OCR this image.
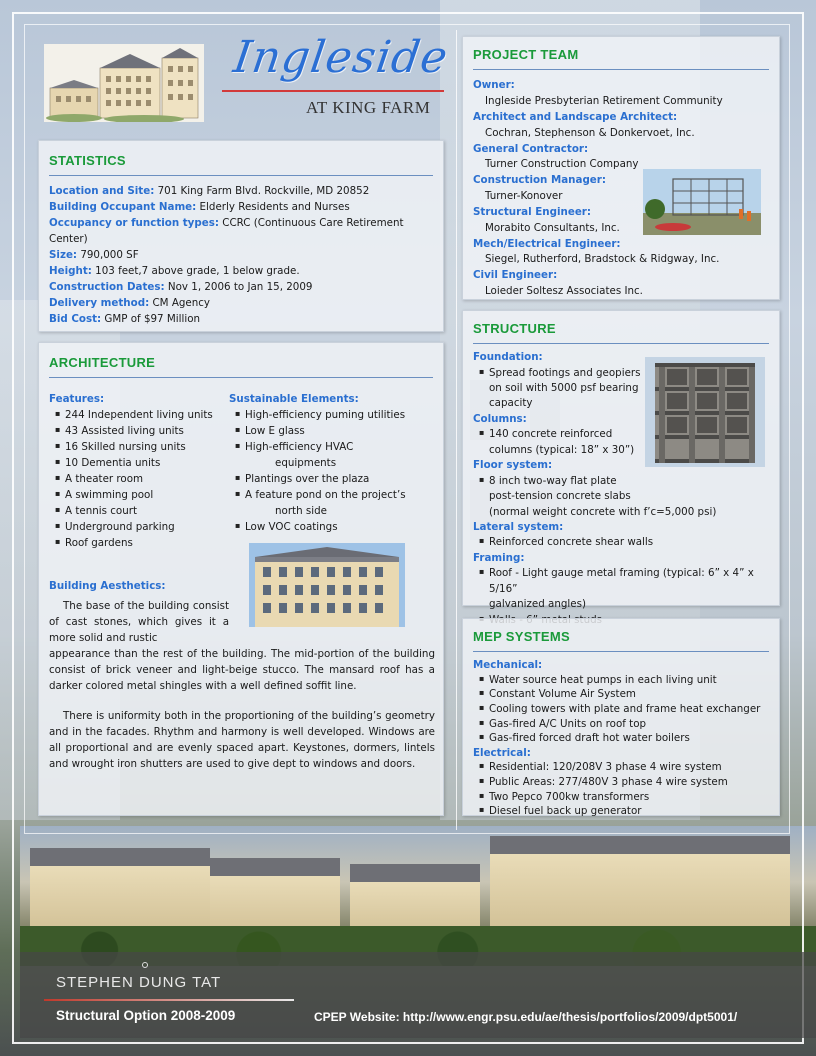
Ingleside
AT KING FARM
STATISTICS
Location and Site: 701 King Farm Blvd. Rockville, MD 20852
Building Occupant Name: Elderly Residents and Nurses
Occupancy or function types: CCRC (Continuous Care Retirement Center)
Size: 790,000 SF
Height: 103 feet,7 above grade, 1 below grade.
Construction Dates: Nov 1, 2006 to Jan 15, 2009
Delivery method: CM Agency
Bid Cost: GMP of $97 Million
ARCHITECTURE
Features:
▪ 244 Independent living units
▪ 43 Assisted living units
▪ 16 Skilled nursing units
▪ 10 Dementia units
▪ A theater room
▪ A swimming pool
▪ A tennis court
▪ Underground parking
▪ Roof gardens
Sustainable Elements:
▪ High-efficiency puming utilities
▪ Low E glass
▪ High-efficiency HVAC
equipments
▪ Plantings over the plaza
▪ A feature pond on the project’s
north side
▪ Low VOC coatings
Building Aesthetics:
The base of the building consist of cast stones, which gives it a more solid and rustic

appearance than the rest of the building. The mid-portion of the building consist of brick veneer and light-beige stucco. The mansard roof has a darker colored metal shingles with a well defined soffit line.

There is uniformity both in the proportioning of the building’s geometry and in the facades. Rhythm and harmony is well developed. Windows are all proportional and are evenly spaced apart. Keystones, dormers, lintels and wrought iron shutters are used to give dept to windows and doors.

PROJECT TEAM
Owner:
Ingleside Presbyterian Retirement Community
Architect and Landscape Architect:
Cochran, Stephenson & Donkervoet, Inc.
General Contractor:
Turner Construction Company
Construction Manager:
Turner-Konover
Structural Engineer:
Morabito Consultants, Inc.
Mech/Electrical Engineer:
Siegel, Rutherford, Bradstock & Ridgway, Inc.
Civil Engineer:
Loieder Soltesz Associates Inc.
STRUCTURE
Foundation:
▪ Spread footings and geopiers
on soil with 5000 psf bearing
capacity
Columns:
▪ 140 concrete reinforced
columns (typical: 18” x 30”)
Floor system:
▪ 8 inch two-way flat plate
post-tension concrete slabs
(normal weight concrete with f’c=5,000 psi)
Lateral system:
▪ Reinforced concrete shear walls
Framing:
▪ Roof - Light gauge metal framing (typical: 6” x 4” x 5/16”
galvanized angles)
▪
MEP SYSTEMS
Mechanical:
▪ Water source heat pumps in each living unit
▪ Constant Volume Air System
▪ Cooling towers with plate and frame heat exchanger
▪ Gas-fired A/C Units on roof top
▪ Gas-fired forced draft hot water boilers
Electrical:
▪ Residential: 120/208V 3 phase 4 wire system
▪ Public Areas: 277/480V 3 phase 4 wire system
▪ Two Pepco 700kw transformers
▪ Diesel fuel back up generator
STEPHEN DUNG TAT
Structural Option 2008-2009	CPEP Website: http://www.engr.psu.edu/ae/thesis/portfolios/2009/dpt5001/
